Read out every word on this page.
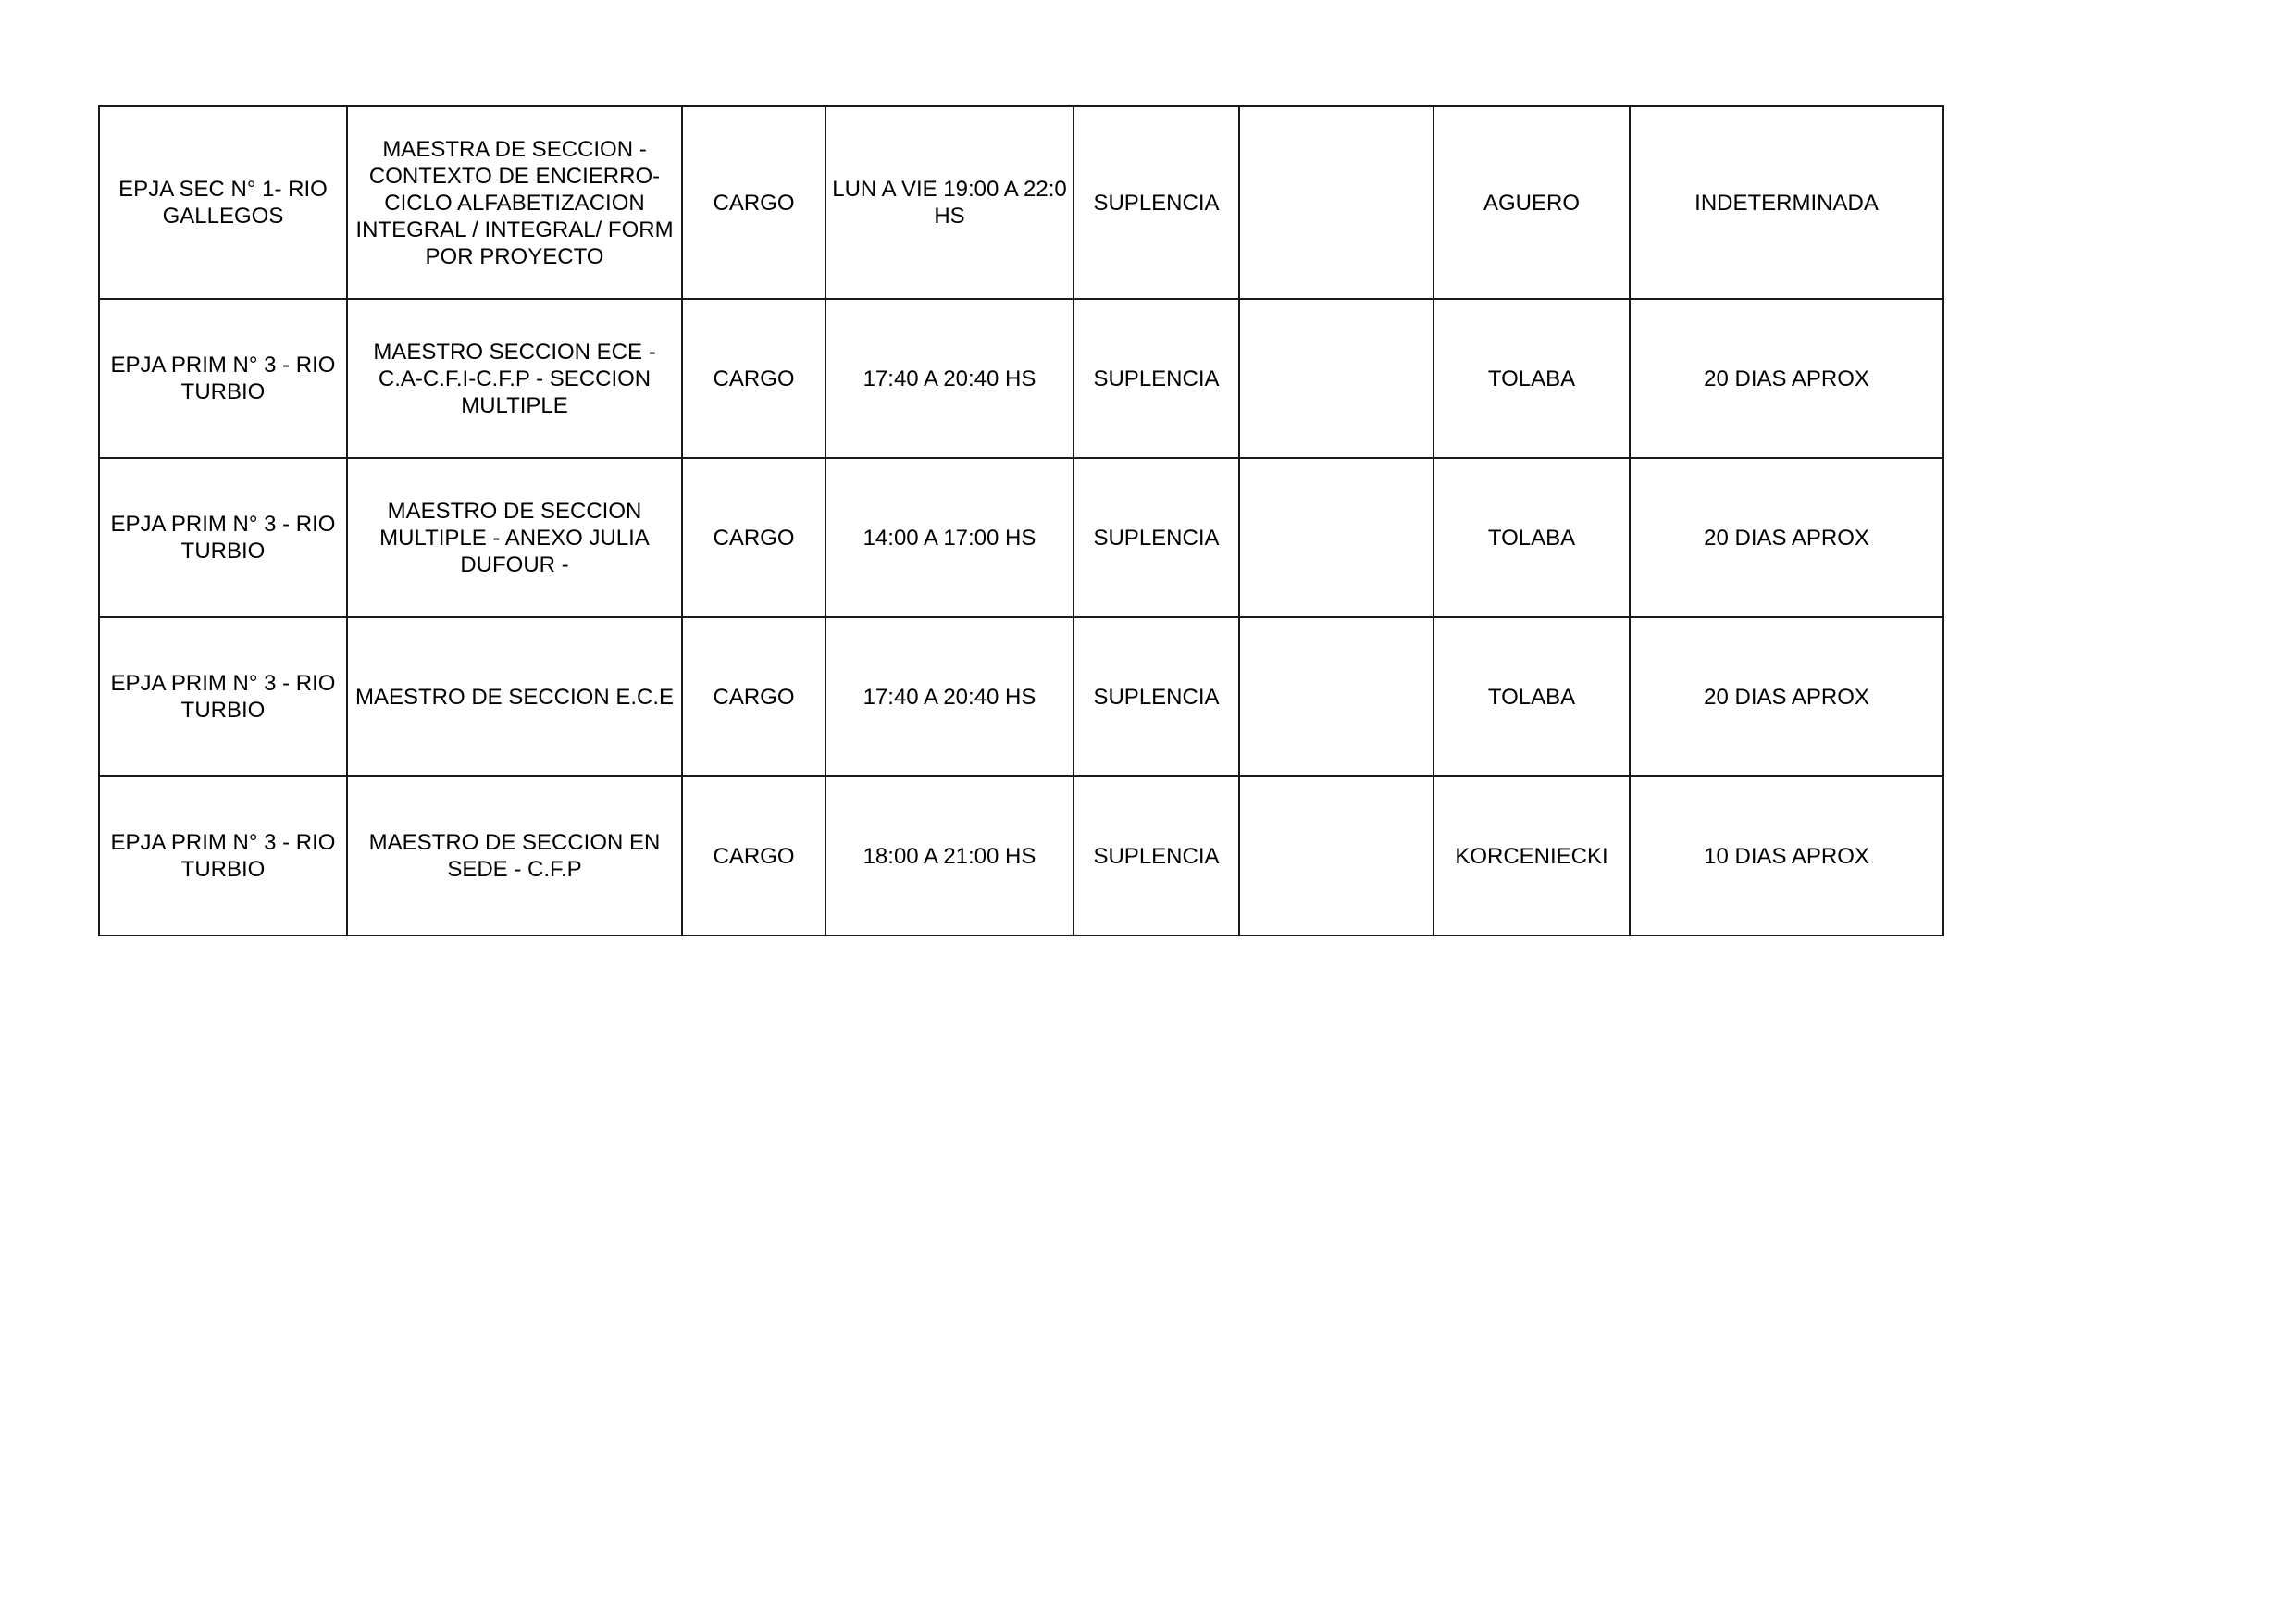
EPJA SEC N° 1- RIO GALLEGOS	MAESTRA DE SECCION - CONTEXTO DE ENCIERRO- CICLO ALFABETIZACION INTEGRAL / INTEGRAL/ FORM POR PROYECTO	CARGO	LUN A VIE 19:00 A 22:0 HS	SUPLENCIA		AGUERO	INDETERMINADA
EPJA PRIM N° 3 - RIO TURBIO	MAESTRO SECCION ECE -C.A-C.F.I-C.F.P - SECCION MULTIPLE	CARGO	17:40 A 20:40 HS	SUPLENCIA		TOLABA	20 DIAS APROX
EPJA PRIM N° 3 - RIO TURBIO	MAESTRO DE SECCION MULTIPLE - ANEXO JULIA DUFOUR -	CARGO	14:00 A 17:00 HS	SUPLENCIA		TOLABA	20 DIAS APROX
EPJA PRIM N° 3 - RIO TURBIO	MAESTRO DE SECCION E.C.E	CARGO	17:40 A 20:40 HS	SUPLENCIA		TOLABA	20 DIAS APROX
EPJA PRIM N° 3 - RIO TURBIO	MAESTRO DE SECCION EN SEDE - C.F.P	CARGO	18:00 A 21:00 HS	SUPLENCIA		KORCENIECKI	10 DIAS APROX
